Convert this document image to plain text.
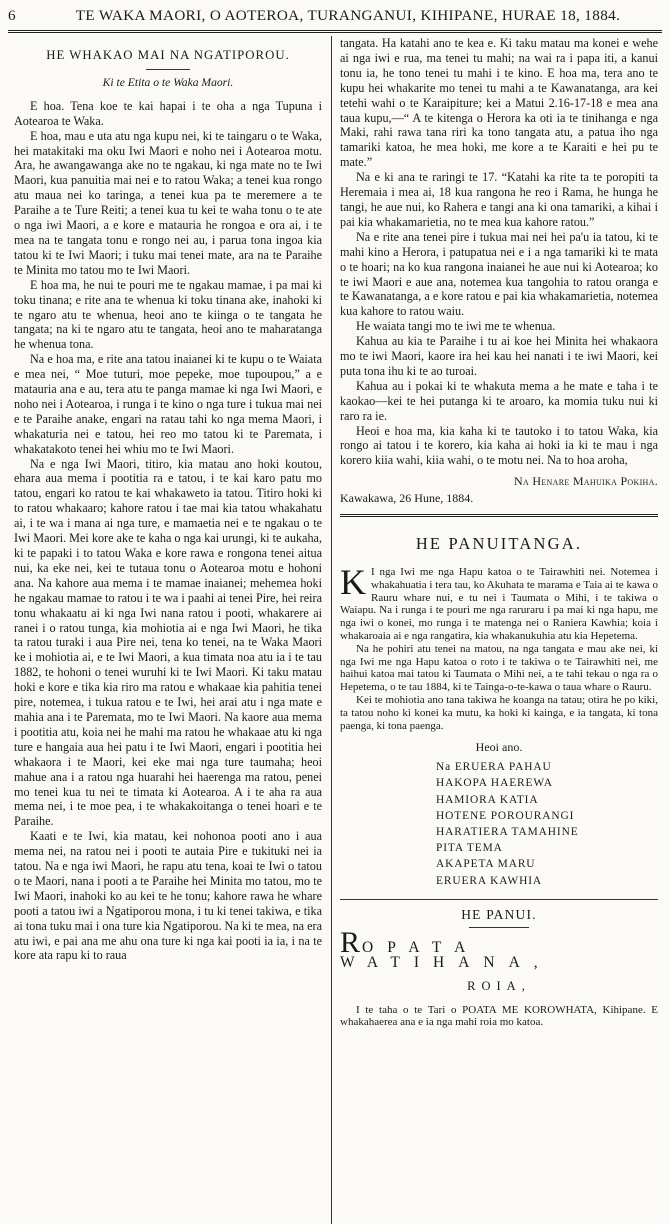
6	TE WAKA MAORI, O AOTEROA, TURANGANUI, KIHIPANE, HURAE 18, 1884.
HE WHAKAO MAI NA NGATIPOROU.
Ki te Etita o te Waka Maori.

E hoa. Tena koe te kai hapai i te oha a nga Tupuna i Aotearoa te Waka.

E hoa, mau e uta atu nga kupu nei, ki te taingaru o te Waka, hei matakitaki ma oku Iwi Maori e noho nei i Aotearoa motu. Ara, he awangawanga ake no te ngakau, ki nga mate no te Iwi Maori, kua panuitia mai nei e to ratou Waka; a tenei kua rongo atu maua nei ko taringa, a tenei kua pa te meremere a te Paraihe a te Ture Reiti; a tenei kua tu kei te waha tonu o te ate o nga iwi Maori, a e kore e matauria he rongoa e ora ai, i te mea na te tangata tonu e rongo nei au, i parua tona ingoa kia tatou ki te Iwi Maori; i tuku mai tenei mate, ara na te Paraihe te Minita mo tatou mo te Iwi Maori.

E hoa ma, he nui te pouri me te ngakau mamae, i pa mai ki toku tinana; e rite ana te whenua ki toku tinana ake, inahoki ki te ngaro atu te whenua, heoi ano te kiinga o te tangata he tangata; na ki te ngaro atu te tangata, heoi ano te maharatanga he whenua tona.

Na e hoa ma, e rite ana tatou inaianei ki te kupu o te Waiata e mea nei, “ Moe tuturi, moe pepeke, moe tupoupou,” a e matauria ana e au, tera atu te panga mamae ki nga Iwi Maori, e noho nei i Aotearoa, i runga i te kino o nga ture i tukua mai nei e te Paraihe anake, engari na ratau tahi ko nga mema Maori, i whakaturia nei e tatou, hei reo mo tatou ki te Paremata, i whakatakoto tenei hei whiu mo te Iwi Maori.

Na e nga Iwi Maori, titiro, kia matau ano hoki koutou, ehara aua mema i pootitia ra e tatou, i te kai karo patu mo tatou, engari ko ratou te kai whakaweto ia tatou. Titiro hoki ki to ratou whakaaro; kahore ratou i tae mai kia tatou whakahatu ai, i te wa i mana ai nga ture, e mamaetia nei e te ngakau o te Iwi Maori. Mei kore ake te kaha o nga kai urungi, ki te aukaha, ki te papaki i to tatou Waka e kore rawa e rongona tenei aitua nui, ka eke nei, kei te tutaua tonu o Aotearoa motu e hohoni ana. Na kahore aua mema i te mamae inaianei; mehemea hoki he ngakau mamae to ratou i te wa i paahi ai tenei Pire, hei reira tonu whakaatu ai ki nga Iwi nana ratou i pooti, whakarere ai ranei i o ratou tunga, kia mohiotia ai e nga Iwi Maori, he tika ta ratou turaki i aua Pire nei, tena ko tenei, na te Waka Maori ke i mohiotia ai, e te Iwi Maori, a kua timata noa atu ia i te tau 1882, te hohoni o tenei wuruhi ki te Iwi Maori. Ki taku matau hoki e kore e tika kia riro ma ratou e whakaae kia pahitia tenei pire, notemea, i tukua ratou e te Iwi, hei arai atu i nga mate e mahia ana i te Paremata, mo te Iwi Maori. Na kaore aua mema i pootitia atu, koia nei he mahi ma ratou he whakaae atu ki nga ture e hangaia aua hei patu i te Iwi Maori, engari i pootitia hei whakaora i te Maori, kei eke mai nga ture taumaha; heoi mahue ana i a ratou nga huarahi hei haerenga ma ratou, penei mo tenei kua tu nei te timata ki Aotearoa. A i te aha ra aua mema nei, i te moe pea, i te whakakoitanga o tenei hoari e te Paraihe.

Kaati e te Iwi, kia matau, kei nohonoa pooti ano i aua mema nei, na ratou nei i pooti te autaia Pire e tukituki nei ia tatou. Na e nga iwi Maori, he rapu atu tena, koai te Iwi o tatou o te Maori, nana i pooti a te Paraihe hei Minita mo tatou, mo te Iwi Maori, inahoki ko au kei te he tonu; kahore rawa he whare pooti a tatou iwi a Ngatiporou mona, i tu ki tenei takiwa, e tika ai tona tuku mai i ona ture kia Ngatiporou. Na ki te mea, na era atu iwi, e pai ana me ahu ona ture ki nga kai pooti ia ia, i na te kore ata rapu ki to raua

tangata. Ha katahi ano te kea e. Ki taku matau ma konei e wehe ai nga iwi e rua, ma tenei tu mahi; na wai ra i papa iti, a kanui tonu ia, he tono tenei tu mahi i te kino. E hoa ma, tera ano te kupu hei whakarite mo tenei tu mahi a te Kawanatanga, ara kei tetehi wahi o te Karaipiture; kei a Matui 2.16-17-18 e mea ana taua kupu,—“ A te kitenga o Herora ka oti ia te tinihanga e nga Maki, rahi rawa tana riri ka tono tangata atu, a patua iho nga tamariki katoa, he mea hoki, me kore a te Karaiti e hei pu te mate.”

Na e ki ana te raringi te 17. “Katahi ka rite ta te poropiti ta Heremaia i mea ai, 18 kua rangona he reo i Rama, he hunga he tangi, he aue nui, ko Rahera e tangi ana ki ona tamariki, a kihai i pai kia whakamarietia, no te mea kua kahore ratou.”

Na e rite ana tenei pire i tukua mai nei hei pa'u ia tatou, ki te mahi kino a Herora, i patupatua nei e i a nga tamariki ki te mata o te hoari; na ko kua rangona inaianei he aue nui ki Aotearoa; ko te iwi Maori e aue ana, notemea kua tangohia to ratou oranga e te Kawanatanga, a e kore ratou e pai kia whakamarietia, notemea kua kahore to ratou waiu.

He waiata tangi mo te iwi me te whenua.

Kahua au kia te Paraihe i tu ai koe hei Minita hei whakaora mo te iwi Maori, kaore ira hei kau hei nanati i te iwi Maori, kei puta tona ihu ki te ao turoai.

Kahua au i pokai ki te whakuta mema a he mate e taha i te kaokao—kei te hei putanga ki te aroaro, ka momia tuku nui ki raro ra ie.

Heoi e hoa ma, kia kaha ki te tautoko i to tatou Waka, kia rongo ai tatou i te korero, kia kaha ai hoki ia ki te mau i nga korero kiia wahi, kiia wahi, o te motu nei. Na to hoa aroha,

Na Henare Mahuika Pokiha.
Kawakawa, 26 Hune, 1884.
HE PANUITANGA.
K I nga Iwi me nga Hapu katoa o te Tairawhiti nei. Notemea i whakahuatia i tera tau, ko Akuhata te marama e Taia ai te kawa o Rauru whare nui, e tu nei i Taumata o Mihi, i te takiwa o Waiapu. Na i runga i te pouri me nga raruraru i pa mai ki nga hapu, me nga iwi o konei, mo runga i te matenga nei o Raniera Kawhia; koia i whakaroaia ai e nga rangatira, kia whakanukuhia atu kia Hepetema.

Na he pohiri atu tenei na matou, na nga tangata e mau ake nei, ki nga Iwi me nga Hapu katoa o roto i te takiwa o te Tairawhiti nei, me haihui katoa mai tatou ki Taumata o Mihi nei, a te tahi tekau o nga ra o Hepetema, o te tau 1884, ki te Tainga-o-te-kawa o taua whare o Rauru.

Kei te mohiotia ano tana takiwa he koanga na tatau; otira he po kiki, ta tatou noho ki konei ka mutu, ka hoki ki kainga, e ia tangata, ki tona paenga, ki tona paenga.

Heoi ano.
Na ERUERA PAHAU
HAKOPA HAEREWA
HAMIORA KATIA
HOTENE POROURANGI
HARATIERA TAMAHINE
PITA TEMA
AKAPETA MARU
ERUERA KAWHIA
HE PANUI.
ROPATA WATIHANA,
ROIA,

I te taha o te Tari o POATA ME KOROWHATA, Kihipane. E whakahaerea ana e ia nga mahi roia mo katoa.
